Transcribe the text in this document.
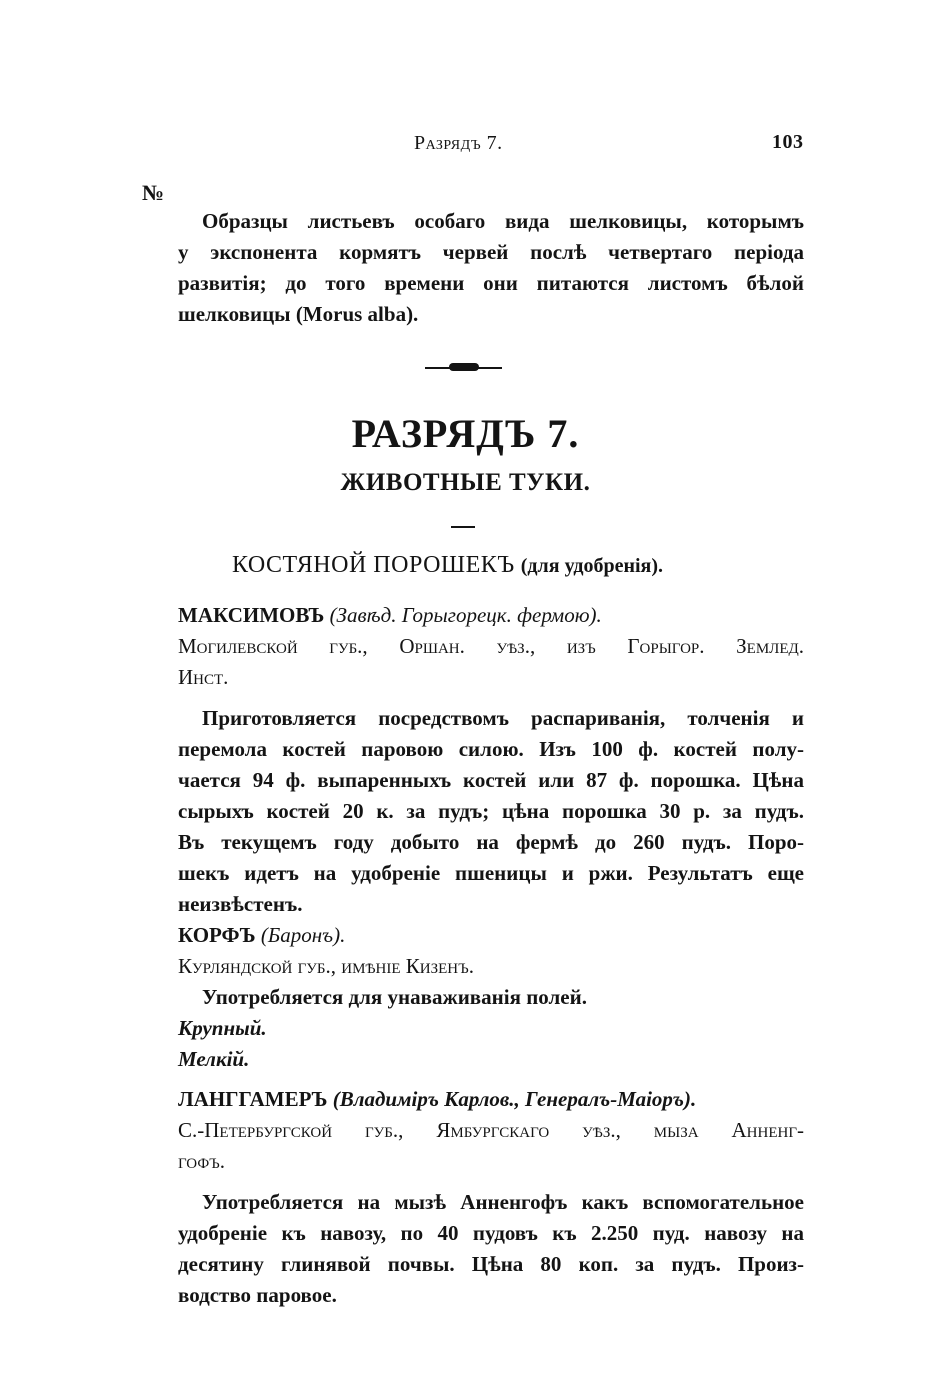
Разрядъ 7.	103
№
Образцы листьевъ особаго вида шелковицы, которымъ
у экспонента кормятъ червей послѣ четвертаго періода
развитія; до того времени они питаются листомъ бѣлой
шелковицы (Morus alba).
РАЗРЯДЪ 7.
ЖИВОТНЫЕ ТУКИ.
КОСТЯНОЙ ПОРОШЕКЪ (для удобренія).
МАКСИМОВЪ (Завѣд. Горыгорецк. фермою).
Могилевской губ., Оршан. уѣз., изъ Горыгор. Землед.
Инст.
Приготовляется посредствомъ распариванія, толченія и
перемола костей паровою силою. Изъ 100 ф. костей полу-
чается 94 ф. выпаренныхъ костей или 87 ф. порошка. Цѣна
сырыхъ костей 20 к. за пудъ; цѣна порошка 30 р. за пудъ.
Въ текущемъ году добыто на фермѣ до 260 пудъ. Поро-
шекъ идетъ на удобреніе пшеницы и ржи. Результатъ еще
неизвѣстенъ.
КОРФЪ (Баронъ).
Курляндской губ., имѣніе Кизенъ.
Употребляется для унаваживанія полей.
Крупный.
Мелкій.
ЛАНГГАМЕРЪ (Владиміръ Карлов., Генералъ-Маіоръ).
С.-Петербургской губ., Ямбургскаго уѣз., мыза Анненг-
гофъ.
Употребляется на мызѣ Анненгофъ какъ вспомогательное
удобреніе къ навозу, по 40 пудовъ къ 2.250 пуд. навозу на
десятину глинявой почвы. Цѣна 80 коп. за пудъ. Произ-
водство паровое.
